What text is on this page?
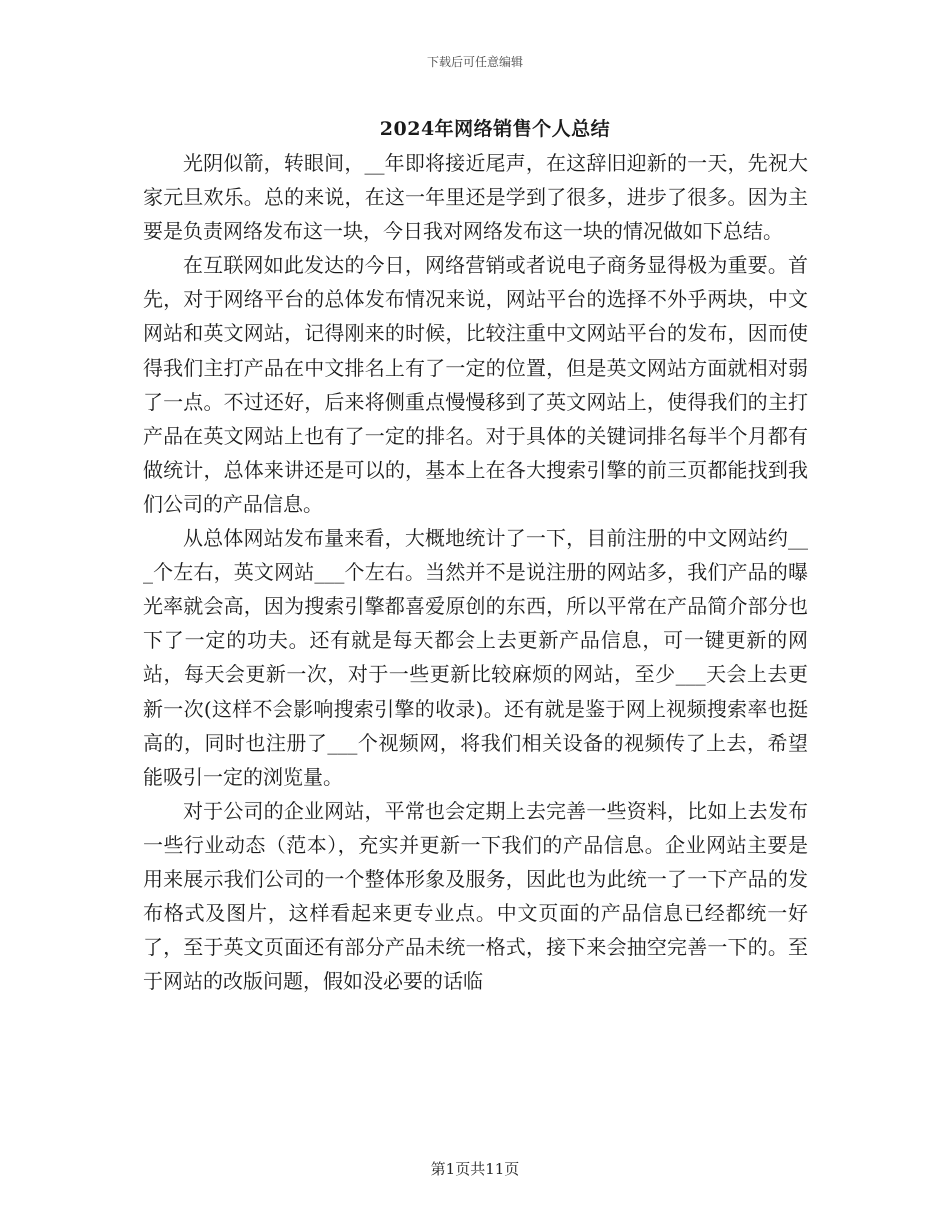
下载后可任意编辑
2024年网络销售个人总结

光阴似箭，转眼间，__年即将接近尾声，在这辞旧迎新的一天，先祝大家元旦欢乐。总的来说，在这一年里还是学到了很多，进步了很多。因为主要是负责网络发布这一块，今日我对网络发布这一块的情况做如下总结。

在互联网如此发达的今日，网络营销或者说电子商务显得极为重要。首先，对于网络平台的总体发布情况来说，网站平台的选择不外乎两块，中文网站和英文网站，记得刚来的时候，比较注重中文网站平台的发布，因而使得我们主打产品在中文排名上有了一定的位置，但是英文网站方面就相对弱了一点。不过还好，后来将侧重点慢慢移到了英文网站上，使得我们的主打产品在英文网站上也有了一定的排名。对于具体的关键词排名每半个月都有做统计，总体来讲还是可以的，基本上在各大搜索引擎的前三页都能找到我们公司的产品信息。

从总体网站发布量来看，大概地统计了一下，目前注册的中文网站约___个左右，英文网站___个左右。当然并不是说注册的网站多，我们产品的曝光率就会高，因为搜索引擎都喜爱原创的东西，所以平常在产品简介部分也下了一定的功夫。还有就是每天都会上去更新产品信息，可一键更新的网站，每天会更新一次，对于一些更新比较麻烦的网站，至少___天会上去更新一次(这样不会影响搜索引擎的收录)。还有就是鉴于网上视频搜索率也挺高的，同时也注册了___个视频网，将我们相关设备的视频传了上去，希望能吸引一定的浏览量。

对于公司的企业网站，平常也会定期上去完善一些资料，比如上去发布一些行业动态（范本），充实并更新一下我们的产品信息。企业网站主要是用来展示我们公司的一个整体形象及服务，因此也为此统一了一下产品的发布格式及图片，这样看起来更专业点。中文页面的产品信息已经都统一好了，至于英文页面还有部分产品未统一格式，接下来会抽空完善一下的。至于网站的改版问题，假如没必要的话临

第1页共11页
